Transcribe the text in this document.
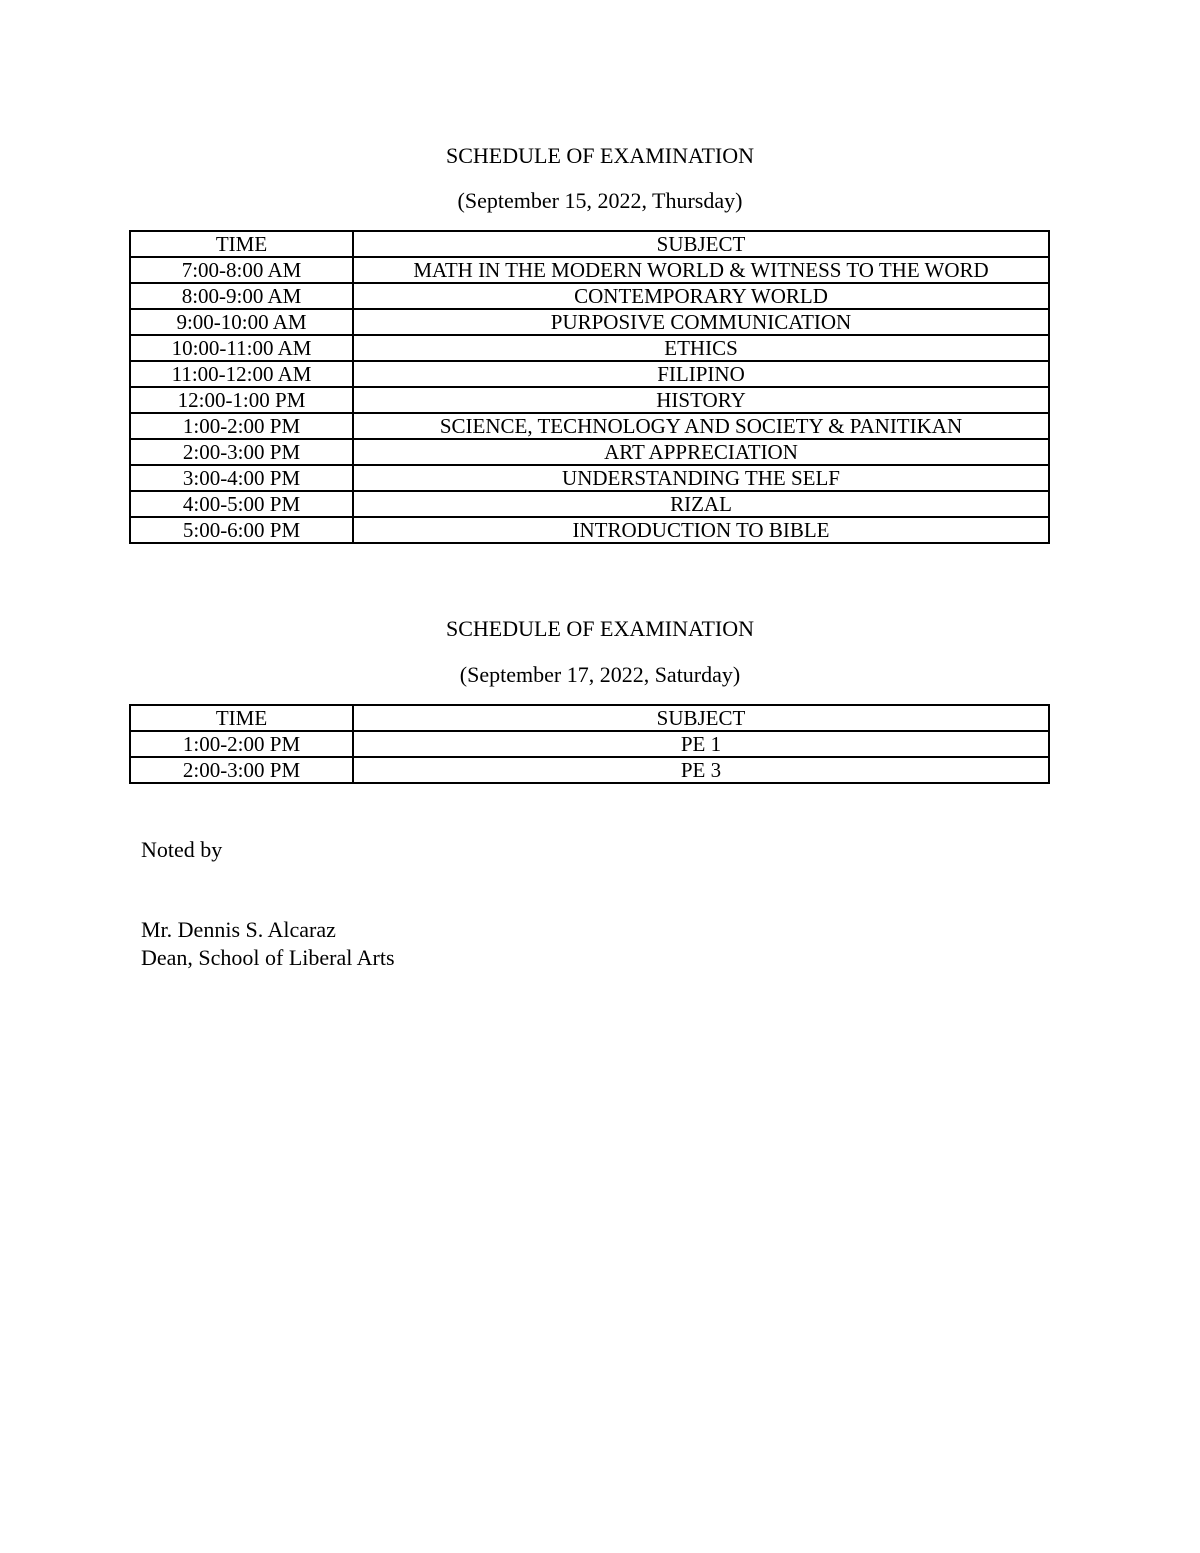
SCHEDULE OF EXAMINATION
(September 15, 2022, Thursday)
TIME	SUBJECT
7:00-8:00 AM	MATH IN THE MODERN WORLD & WITNESS TO THE WORD
8:00-9:00 AM	CONTEMPORARY WORLD
9:00-10:00 AM	PURPOSIVE COMMUNICATION
10:00-11:00 AM	ETHICS
11:00-12:00 AM	FILIPINO
12:00-1:00 PM	HISTORY
1:00-2:00 PM	SCIENCE, TECHNOLOGY AND SOCIETY & PANITIKAN
2:00-3:00 PM	ART APPRECIATION
3:00-4:00 PM	UNDERSTANDING THE SELF
4:00-5:00 PM	RIZAL
5:00-6:00 PM	INTRODUCTION TO BIBLE
SCHEDULE OF EXAMINATION
(September 17, 2022, Saturday)
TIME	SUBJECT
1:00-2:00 PM	PE 1
2:00-3:00 PM	PE 3

Noted by

Mr. Dennis S. Alcaraz

Dean, School of Liberal Arts
